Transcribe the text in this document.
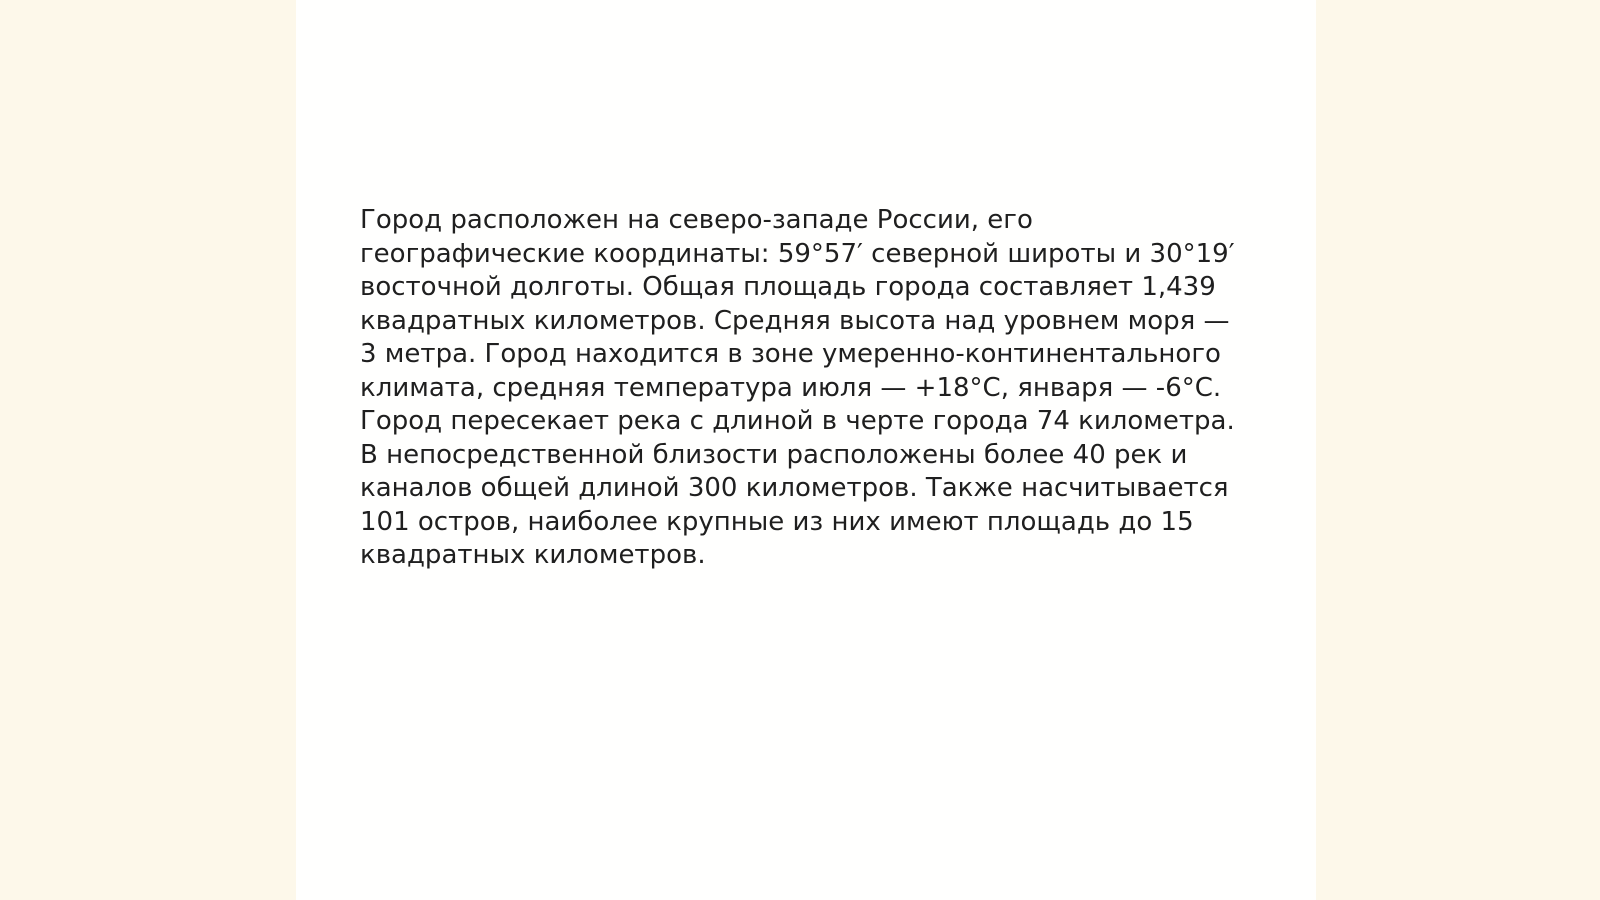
Город расположен на северо-западе России, его географические координаты: 59°57′ северной широты и 30°19′ восточной долготы. Общая площадь города составляет 1,439 квадратных километров. Средняя высота над уровнем моря — 3 метра. Город находится в зоне умеренно-континентального климата, средняя температура июля — +18°С, января — -6°С. Город пересекает река с длиной в черте города 74 километра. В непосредственной близости расположены более 40 рек и каналов общей длиной 300 километров. Также насчитывается 101 остров, наиболее крупные из них имеют площадь до 15 квадратных километров.
